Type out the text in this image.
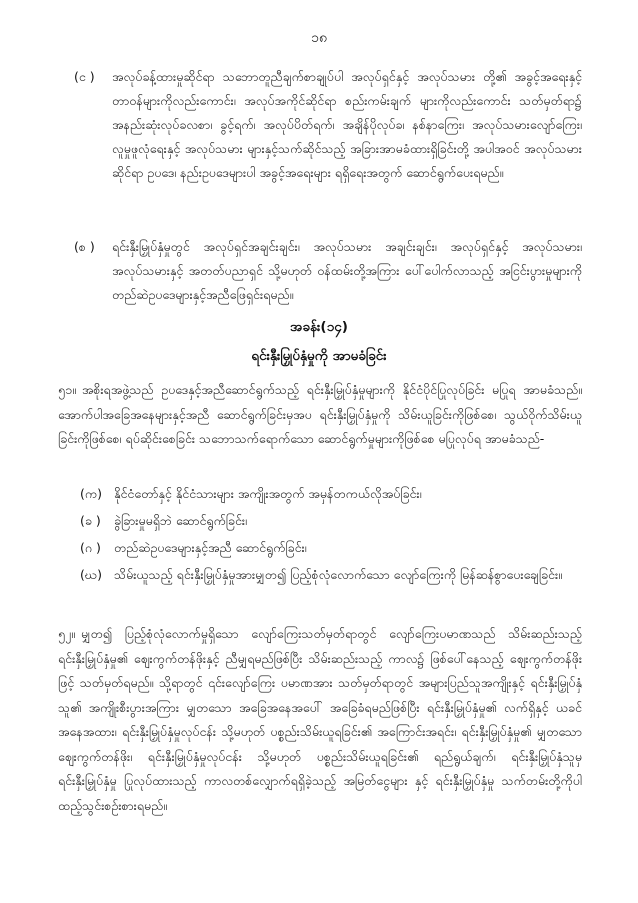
၁၈
(င ) အလုပ်ခန့်ထားမှုဆိုင်ရာ သဘောတူညီချက်စာချုပ်ပါ အလုပ်ရှင်နှင့် အလုပ်သမား တို့၏ အခွင့်အရေးနှင့် တာဝန်များကိုလည်းကောင်း၊ အလုပ်အကိုင်ဆိုင်ရာ စည်းကမ်းချက် များကိုလည်းကောင်း သတ်မှတ်ရာ၌ အနည်းဆုံးလုပ်ခလစာ၊ ခွင့်ရက်၊ အလုပ်ပိတ်ရက်၊ အချိန်ပိုလုပ်ခ၊ နစ်နာကြေး၊ အလုပ်သမားလျော်ကြေး၊ လူမှုဖူလုံရေးနှင့် အလုပ်သမား များနှင့်သက်ဆိုင်သည့် အခြားအာမခံထားရှိခြင်းတို့ အပါအဝင် အလုပ်သမားဆိုင်ရာ ဥပဒေ၊ နည်းဥပဒေများပါ အခွင့်အရေးများ ရရှိရေးအတွက် ဆောင်ရွက်ပေးရမည်။
(စ ) ရင်းနှီးမြှုပ်နှံမှုတွင် အလုပ်ရှင်အချင်းချင်း၊ အလုပ်သမား အချင်းချင်း၊ အလုပ်ရှင်နှင့် အလုပ်သမား၊ အလုပ်သမားနှင့် အတတ်ပညာရှင် သို့မဟုတ် ဝန်ထမ်းတို့အကြား ပေါ်ပေါက်လာသည့် အငြင်းပွားမှုများကို တည်ဆဲဥပဒေများနှင့်အညီဖြေရှင်းရမည်။
အခန်း(၁၄)
ရင်းနှီးမြှုပ်နှံမှုကို အာမခံခြင်း
၅၁။ အစိုးရအဖွဲ့သည် ဥပဒေနှင့်အညီဆောင်ရွက်သည့် ရင်းနှီးမြှုပ်နှံမှုများကို နိုင်ငံပိုင်ပြုလုပ်ခြင်း မပြုရ အာမခံသည်။ အောက်ပါအခြေအနေများနှင့်အညီ ဆောင်ရွက်ခြင်းမှအပ ရင်းနှီးမြှုပ်နှံမှုကို သိမ်းယူခြင်းကိုဖြစ်စေ၊ သွယ်ဝိုက်သိမ်းယူခြင်းကိုဖြစ်စေ၊ ရပ်ဆိုင်းစေခြင်း သဘောသက်ရောက်သော ဆောင်ရွက်မှုများကိုဖြစ်စေ မပြုလုပ်ရ အာမခံသည်-
(က) နိုင်ငံတော်နှင့် နိုင်ငံသားများ အကျိုးအတွက် အမှန်တကယ်လိုအပ်ခြင်း၊
(ခ ) ခွဲခြားမှုမရှိဘဲ ဆောင်ရွက်ခြင်း၊
(ဂ ) တည်ဆဲဥပဒေများနှင့်အညီ ဆောင်ရွက်ခြင်း၊
(ဃ) သိမ်းယူသည့် ရင်းနှီးမြှုပ်နှံမှုအားမျှတ၍ ပြည့်စုံလုံလောက်သော လျော်ကြေးကို မြန်ဆန်စွာပေးချေခြင်း။
၅၂။ မျှတ၍ ပြည့်စုံလုံလောက်မှုရှိသော လျော်ကြေးသတ်မှတ်ရာတွင် လျော်ကြေးပမာဏသည် သိမ်းဆည်းသည့် ရင်းနှီးမြှုပ်နှံမှု၏ ဈေးကွက်တန်ဖိုးနှင့် ညီမျှရမည်ဖြစ်ပြီး သိမ်းဆည်းသည့် ကာလ၌ ဖြစ်ပေါ်နေသည့် ဈေးကွက်တန်ဖိုးဖြင့် သတ်မှတ်ရမည်။ သို့ရာတွင် ၎င်းလျော်ကြေး ပမာဏအား သတ်မှတ်ရာတွင် အများပြည်သူအကျိုးနှင့် ရင်းနှီးမြှုပ်နှံသူ၏ အကျိုးစီးပွားအကြား မျှတသော အခြေအနေအပေါ် အခြေခံရမည်ဖြစ်ပြီး ရင်းနှီးမြှုပ်နှံမှု၏ လက်ရှိနှင့် ယခင်အနေအထား၊ ရင်းနှီးမြှုပ်နှံမှုလုပ်ငန်း သို့မဟုတ် ပစ္စည်းသိမ်းယူရခြင်း၏ အကြောင်းအရင်း၊ ရင်းနှီးမြှုပ်နှံမှု၏ မျှတသော ဈေးကွက်တန်ဖိုး၊ ရင်းနှီးမြှုပ်နှံမှုလုပ်ငန်း သို့မဟုတ် ပစ္စည်းသိမ်းယူရခြင်း၏ ရည်ရွယ်ချက်၊ ရင်းနှီးမြှုပ်နှံသူမှ ရင်းနှီးမြှုပ်နှံမှု ပြုလုပ်ထားသည့် ကာလတစ်လျှောက်ရရှိခဲ့သည့် အမြတ်ငွေများ နှင့် ရင်းနှီးမြှုပ်နှံမှု သက်တမ်းတို့ကိုပါ ထည့်သွင်းစဉ်းစားရမည်။
